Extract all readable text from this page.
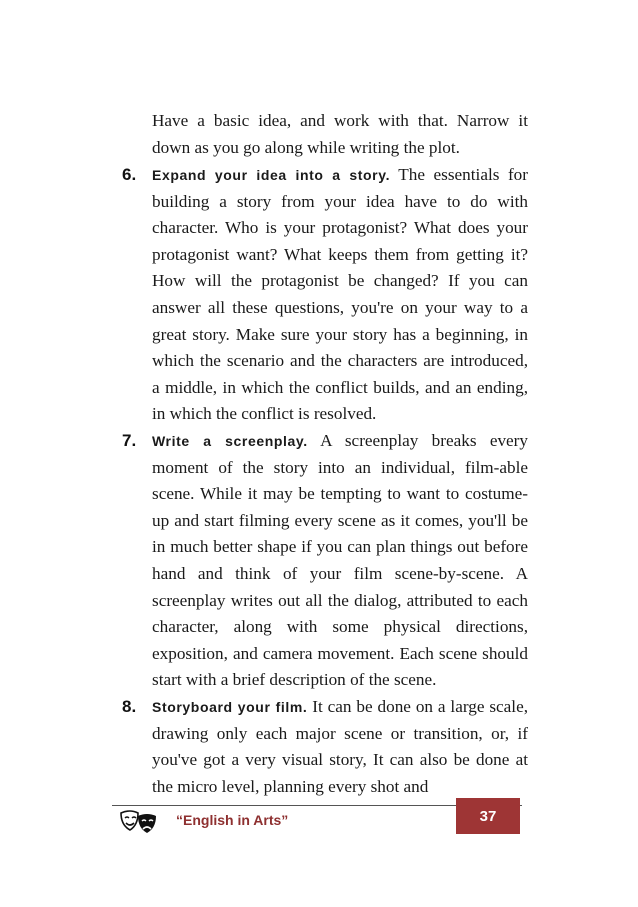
Have a basic idea, and work with that. Narrow it down as you go along while writing the plot.

6. Expand your idea into a story. The essentials for building a story from your idea have to do with character. Who is your protagonist? What does your protagonist want? What keeps them from getting it? How will the protagonist be changed? If you can answer all these questions, you're on your way to a great story. Make sure your story has a beginning, in which the scenario and the characters are introduced, a middle, in which the conflict builds, and an ending, in which the conflict is resolved.

7. Write a screenplay. A screenplay breaks every moment of the story into an individual, film-able scene. While it may be tempting to want to costume-up and start filming every scene as it comes, you'll be in much better shape if you can plan things out before hand and think of your film scene-by-scene. A screenplay writes out all the dialog, attributed to each character, along with some physical directions, exposition, and camera movement. Each scene should start with a brief description of the scene.

8. Storyboard your film. It can be done on a large scale, drawing only each major scene or transition, or, if you've got a very visual story, It can also be done at the micro level, planning every shot and

“English in Arts”	37
